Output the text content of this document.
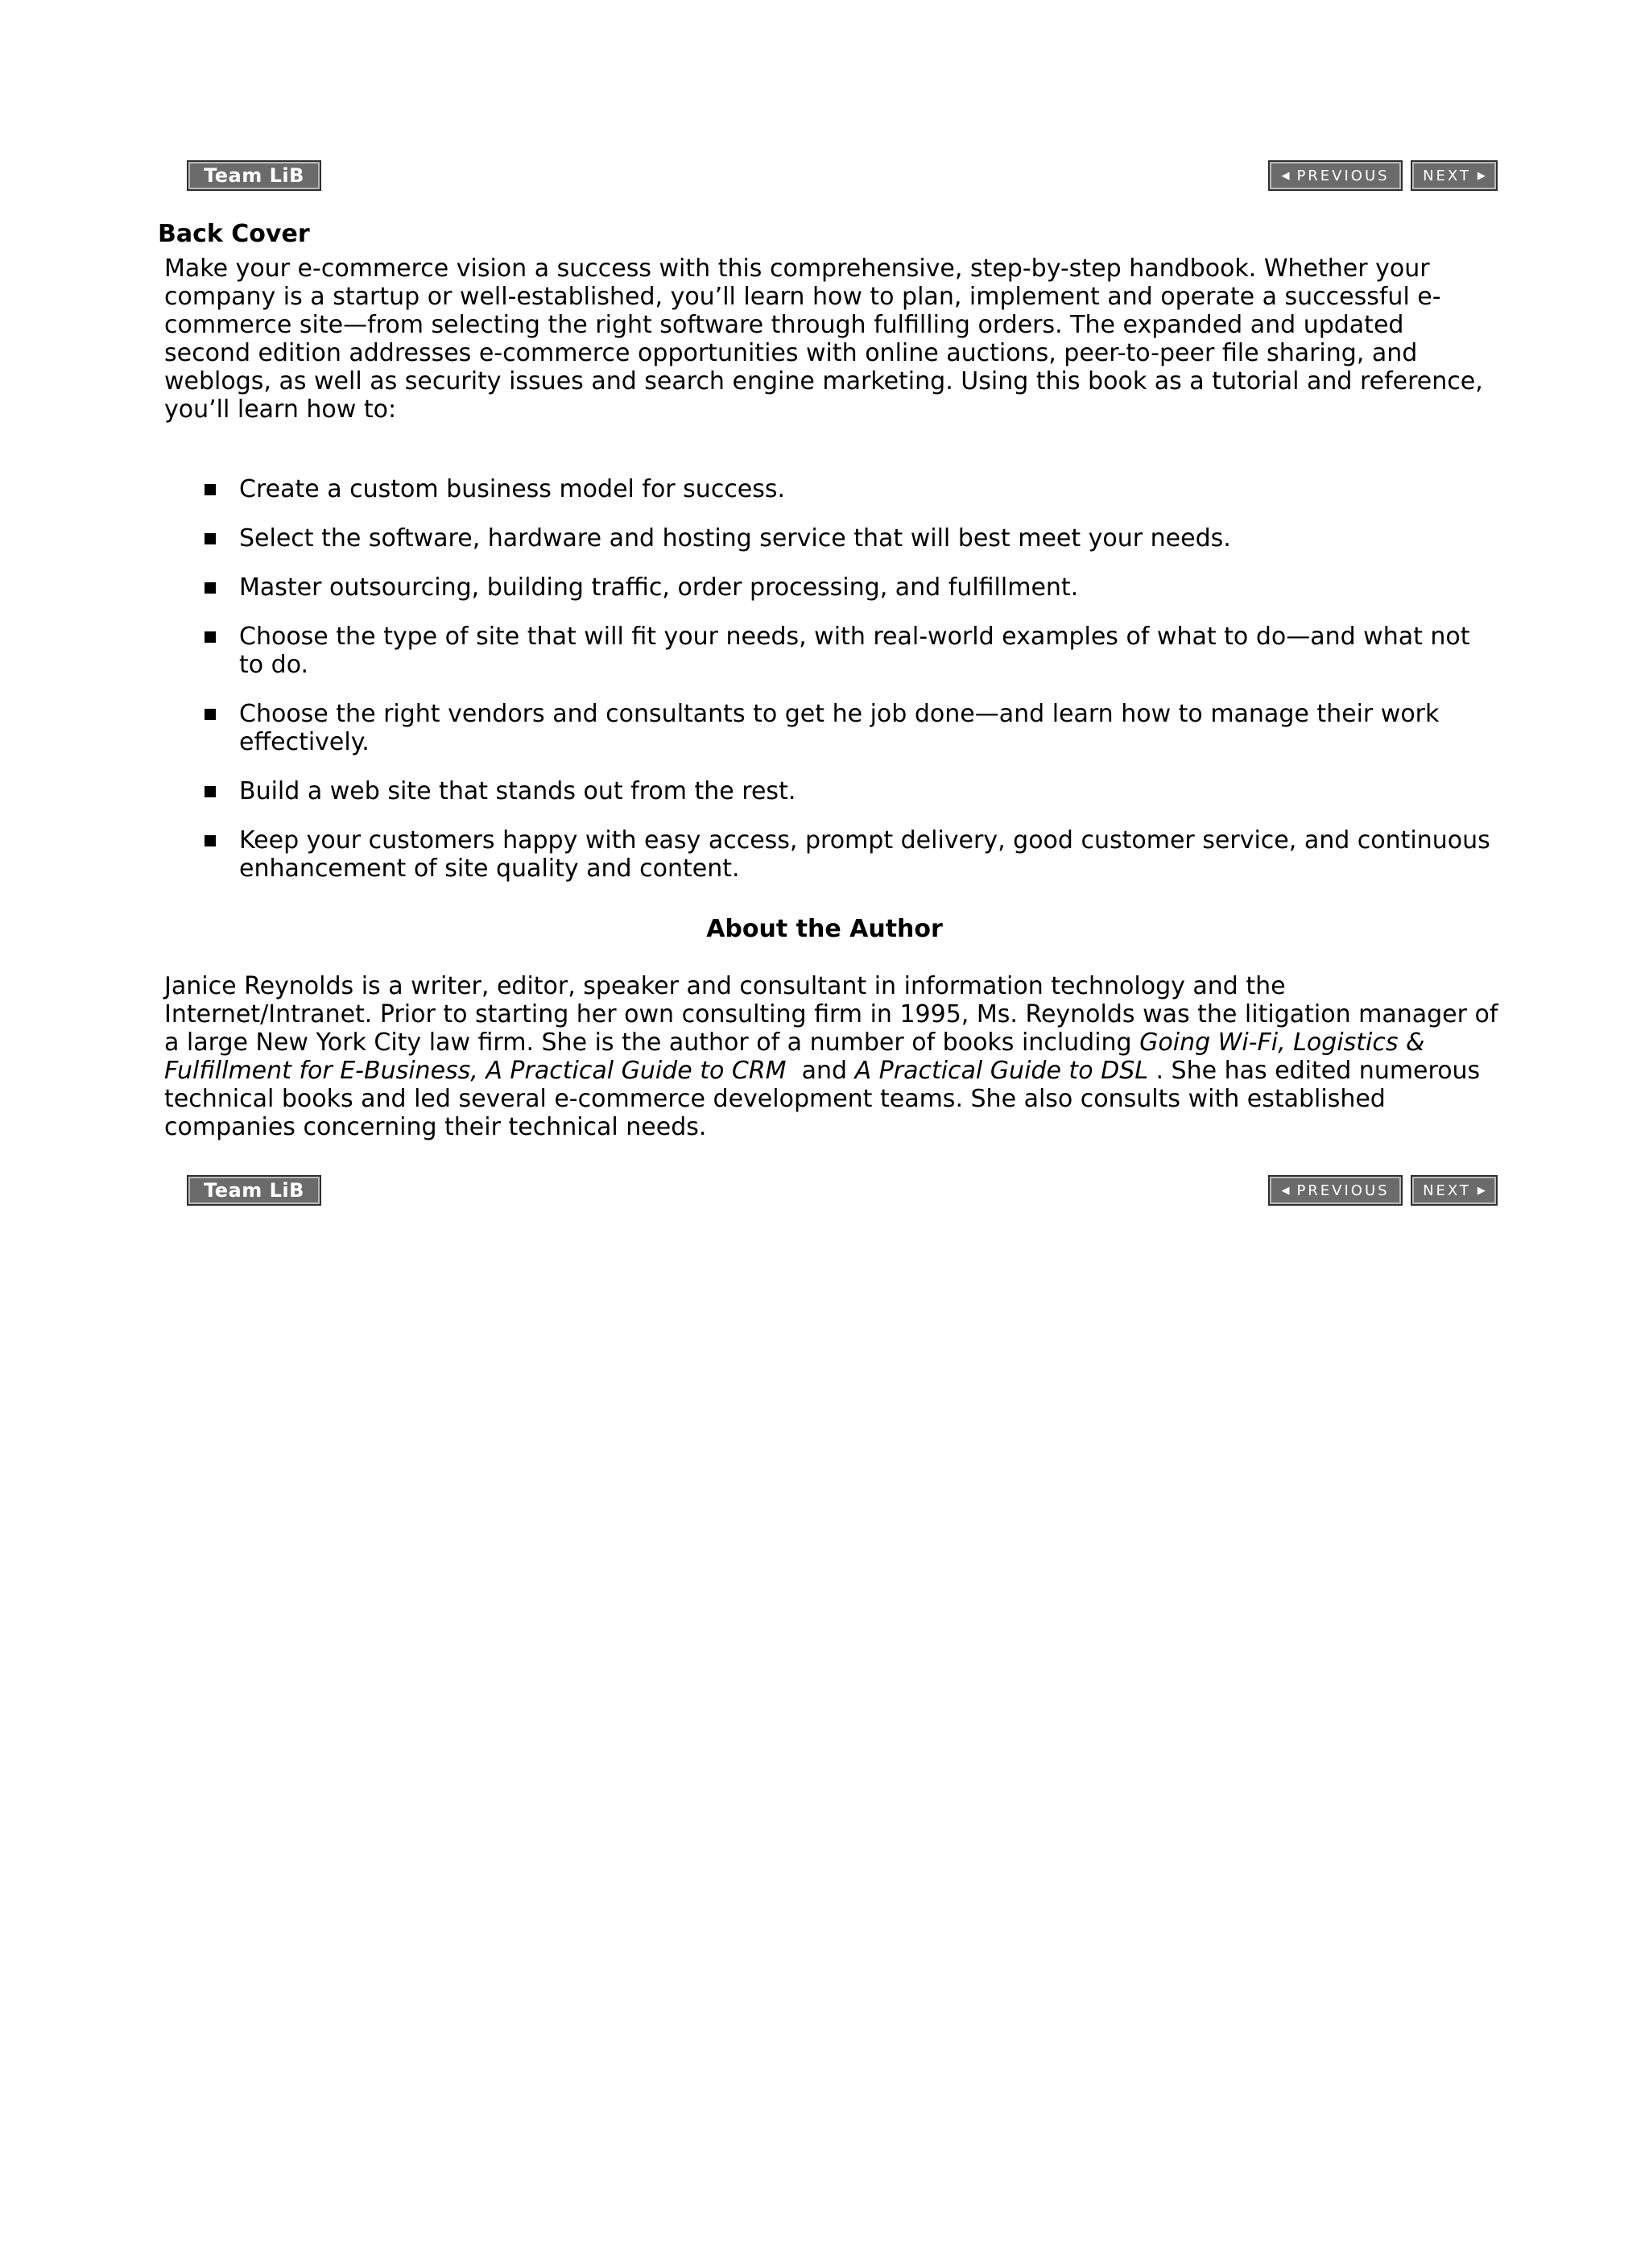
Team LiB	◀ PREVIOUS NEXT ▶
Back Cover

Make your e-commerce vision a success with this comprehensive, step-by-step handbook. Whether your company is a startup or well-established, you’ll learn how to plan, implement and operate a successful e-commerce site—from selecting the right software through fulfilling orders. The expanded and updated second edition addresses e-commerce opportunities with online auctions, peer-to-peer file sharing, and weblogs, as well as security issues and search engine marketing. Using this book as a tutorial and reference, you’ll learn how to:

Create a custom business model for success.
Select the software, hardware and hosting service that will best meet your needs.
Master outsourcing, building traffic, order processing, and fulfillment.
Choose the type of site that will fit your needs, with real-world examples of what to do—and what not to do.
Choose the right vendors and consultants to get he job done—and learn how to manage their work effectively.
Build a web site that stands out from the rest.
Keep your customers happy with easy access, prompt delivery, good customer service, and continuous enhancement of site quality and content.
About the Author

Janice Reynolds is a writer, editor, speaker and consultant in information technology and the Internet/Intranet. Prior to starting her own consulting firm in 1995, Ms. Reynolds was the litigation manager of a large New York City law firm. She is the author of a number of books including Going Wi-Fi, Logistics & Fulfillment for E-Business, A Practical Guide to CRM  and A Practical Guide to DSL . She has edited numerous technical books and led several e-commerce development teams. She also consults with established companies concerning their technical needs.

Team LiB	◀ PREVIOUS NEXT ▶
